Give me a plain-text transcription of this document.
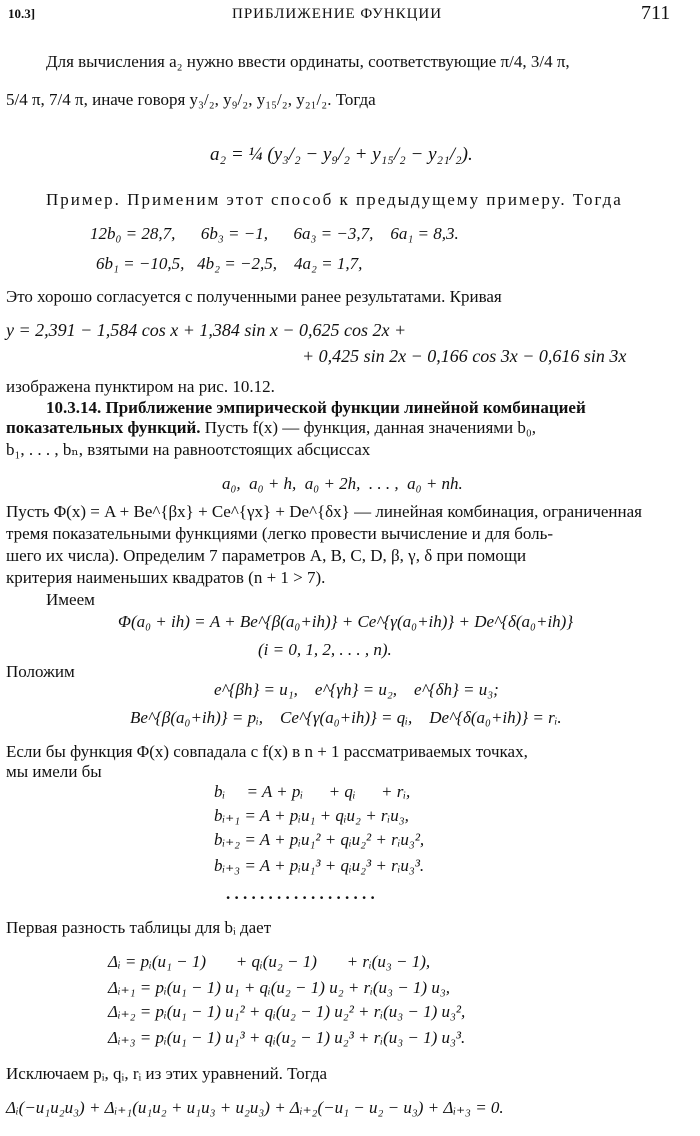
10.3]	ПРИБЛИЖЕНИЕ ФУНКЦИИ	711
Для вычисления a₂ нужно ввести ординаты, соответствующие π/4, 3/4 π,
5/4 π, 7/4 π, иначе говоря y₃/₂, y₉/₂, y₁₅/₂, y₂₁/₂. Тогда
a₂ = ¼ (y₃/₂ − y₉/₂ + y₁₅/₂ − y₂₁/₂).
Пример. Применим этот способ к предыдущему примеру. Тогда
12b₀ = 28,7,      6b₃ = −1,      6a₃ = −3,7,    6a₁ = 8,3.
6b₁ = −10,5,   4b₂ = −2,5,    4a₂ = 1,7,
Это хорошо согласуется с полученными ранее результатами. Кривая
y = 2,391 − 1,584 cos x + 1,384 sin x − 0,625 cos 2x +
+ 0,425 sin 2x − 0,166 cos 3x − 0,616 sin 3x
изображена пунктиром на рис. 10.12.
10.3.14. Приближение эмпирической функции линейной комбинацией
показательных функций. Пусть f(x) — функция, данная значениями b₀,
b₁, . . . , bₙ, взятыми на равноотстоящих абсциссах
a₀,  a₀ + h,  a₀ + 2h,  . . . ,  a₀ + nh.
Пусть Φ(x) = A + Be^{βx} + Ce^{γx} + De^{δx} — линейная комбинация, ограниченная
тремя показательными функциями (легко провести вычисление и для боль-
шего их числа). Определим 7 параметров A, B, C, D, β, γ, δ при помощи
критерия наименьших квадратов (n + 1 > 7).
Имеем
Φ(a₀ + ih) = A + Be^{β(a₀+ih)} + Ce^{γ(a₀+ih)} + De^{δ(a₀+ih)}
(i = 0, 1, 2, . . . , n).
Положим
e^{βh} = u₁,    e^{γh} = u₂,    e^{δh} = u₃;
Be^{β(a₀+ih)} = pᵢ,    Ce^{γ(a₀+ih)} = qᵢ,    De^{δ(a₀+ih)} = rᵢ.
Если бы функция Φ(x) совпадала с f(x) в n + 1 рассматриваемых точках,
мы имели бы
bᵢ     = A + pᵢ      + qᵢ      + rᵢ,
bᵢ₊₁ = A + pᵢu₁ + qᵢu₂ + rᵢu₃,
bᵢ₊₂ = A + pᵢu₁² + qᵢu₂² + rᵢu₃²,
bᵢ₊₃ = A + pᵢu₁³ + qᵢu₂³ + rᵢu₃³.
. . . . . . . . . . . . . . . . . .
Первая разность таблицы для bᵢ дает
Δᵢ = pᵢ(u₁ − 1)       + qᵢ(u₂ − 1)       + rᵢ(u₃ − 1),
Δᵢ₊₁ = pᵢ(u₁ − 1) u₁ + qᵢ(u₂ − 1) u₂ + rᵢ(u₃ − 1) u₃,
Δᵢ₊₂ = pᵢ(u₁ − 1) u₁² + qᵢ(u₂ − 1) u₂² + rᵢ(u₃ − 1) u₃²,
Δᵢ₊₃ = pᵢ(u₁ − 1) u₁³ + qᵢ(u₂ − 1) u₂³ + rᵢ(u₃ − 1) u₃³.
Исключаем pᵢ, qᵢ, rᵢ из этих уравнений. Тогда
Δᵢ(−u₁u₂u₃) + Δᵢ₊₁(u₁u₂ + u₁u₃ + u₂u₃) + Δᵢ₊₂(−u₁ − u₂ − u₃) + Δᵢ₊₃ = 0.
